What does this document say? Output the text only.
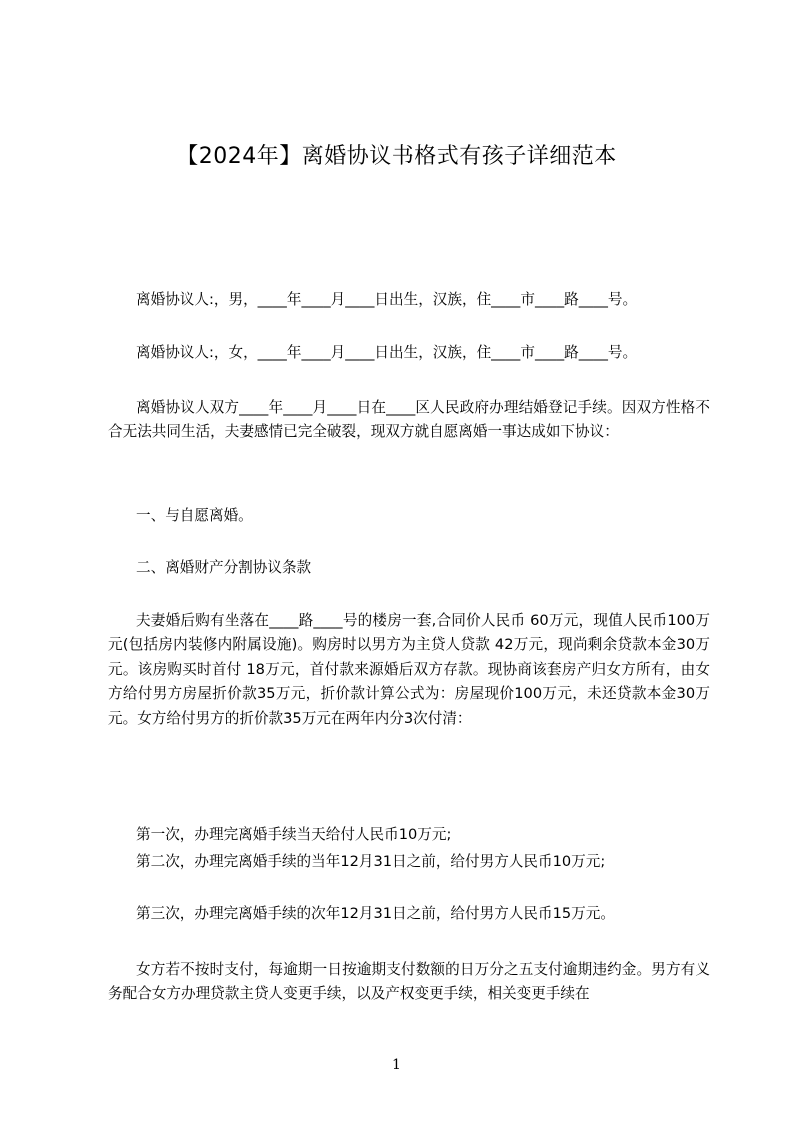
【2024年】离婚协议书格式有孩子详细范本
离婚协议人:，男，____年____月____日出生，汉族，住____市____路____号。
离婚协议人:，女，____年____月____日出生，汉族，住____市____路____号。
离婚协议人双方____年____月____日在____区人民政府办理结婚登记手续。因双方性格不合无法共同生活，夫妻感情已完全破裂，现双方就自愿离婚一事达成如下协议：
一、与自愿离婚。
二、离婚财产分割协议条款
夫妻婚后购有坐落在____路____号的楼房一套,合同价人民币 60万元，现值人民币100万元(包括房内装修内附属设施)。购房时以男方为主贷人贷款 42万元，现尚剩余贷款本金30万元。该房购买时首付 18万元，首付款来源婚后双方存款。现协商该套房产归女方所有，由女方给付男方房屋折价款35万元，折价款计算公式为：房屋现价100万元，未还贷款本金30万元。女方给付男方的折价款35万元在两年内分3次付清：
第一次，办理完离婚手续当天给付人民币10万元;
第二次，办理完离婚手续的当年12月31日之前，给付男方人民币10万元;
第三次，办理完离婚手续的次年12月31日之前，给付男方人民币15万元。
女方若不按时支付，每逾期一日按逾期支付数额的日万分之五支付逾期违约金。男方有义务配合女方办理贷款主贷人变更手续，以及产权变更手续，相关变更手续在
1
